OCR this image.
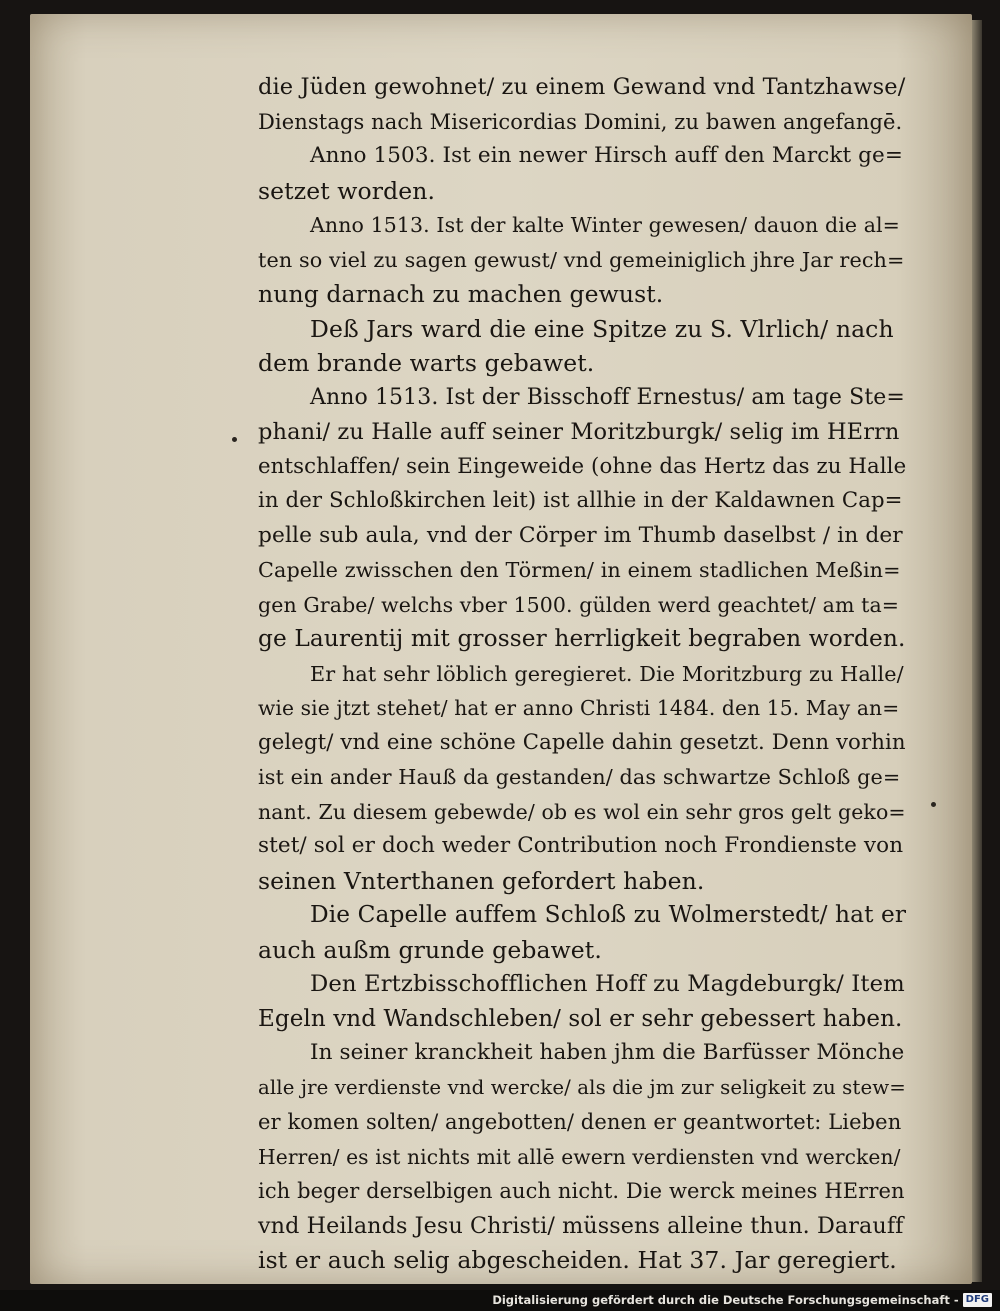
die Jüden gewohnet/ zu einem Gewand vnd Tantzhawse/
Dienstags nach Misericordias Domini, zu bawen angefangē.
Anno 1503. Ist ein newer Hirsch auff den Marckt ge=
setzet worden.
Anno 1513. Ist der kalte Winter gewesen/ dauon die al=
ten so viel zu sagen gewust/ vnd gemeiniglich jhre Jar rech=
nung darnach zu machen gewust.
Deß Jars ward die eine Spitze zu S. Vlrlich/ nach
dem brande warts gebawet.
Anno 1513. Ist der Bisschoff Ernestus/ am tage Ste=
phani/ zu Halle auff seiner Moritzburgk/ selig im HErrn
entschlaffen/ sein Eingeweide (ohne das Hertz das zu Halle
in der Schloßkirchen leit) ist allhie in der Kaldawnen Cap=
pelle sub aula, vnd der Cörper im Thumb daselbst / in der
Capelle zwisschen den Törmen/ in einem stadlichen Meßin=
gen Grabe/ welchs vber 1500. gülden werd geachtet/ am ta=
ge Laurentij mit grosser herrligkeit begraben worden.
Er hat sehr löblich geregieret. Die Moritzburg zu Halle/
wie sie jtzt stehet/ hat er anno Christi 1484. den 15. May an=
gelegt/ vnd eine schöne Capelle dahin gesetzt. Denn vorhin
ist ein ander Hauß da gestanden/ das schwartze Schloß ge=
nant. Zu diesem gebewde/ ob es wol ein sehr gros gelt geko=
stet/ sol er doch weder Contribution noch Frondienste von
seinen Vnterthanen gefordert haben.
Die Capelle auffem Schloß zu Wolmerstedt/ hat er
auch außm grunde gebawet.
Den Ertzbisschofflichen Hoff zu Magdeburgk/ Item
Egeln vnd Wandschleben/ sol er sehr gebessert haben.
In seiner kranckheit haben jhm die Barfüsser Mönche
alle jre verdienste vnd wercke/ als die jm zur seligkeit zu stew=
er komen solten/ angebotten/ denen er geantwortet: Lieben
Herren/ es ist nichts mit allē ewern verdiensten vnd wercken/
ich beger derselbigen auch nicht. Die werck meines HErren
vnd Heilands Jesu Christi/ müssens alleine thun. Darauff
ist er auch selig abgescheiden. Hat 37. Jar geregiert.
Digitalisierung gefördert durch die Deutsche Forschungsgemeinschaft - DFG
